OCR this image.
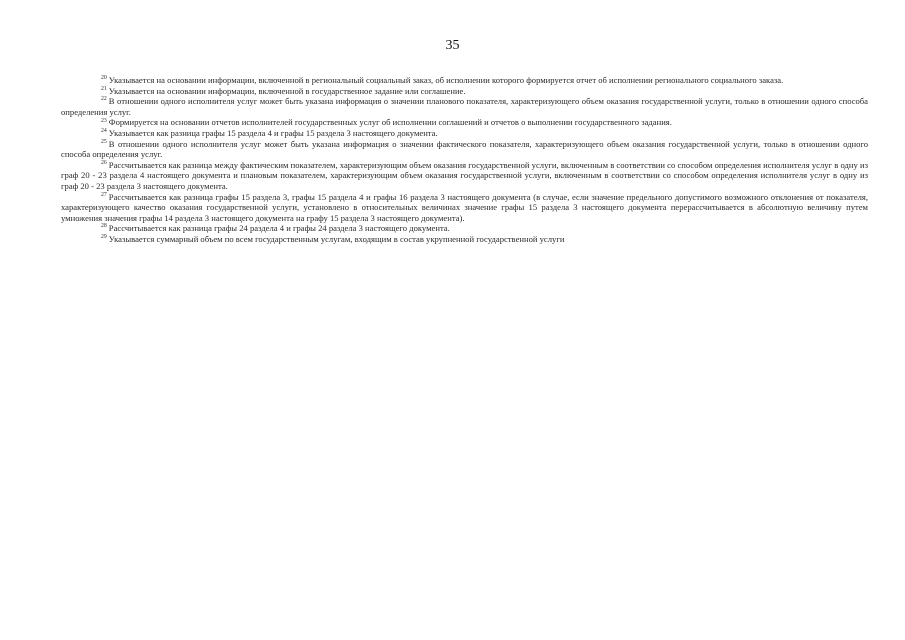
35

$^{20}$ Указывается на основании информации, включенной в региональный социальный заказ, об исполнении которого формируется отчет об исполнении регионального социального заказа.

$^{21}$ Указывается на основании информации, включенной в государственное задание или соглашение.

$^{22}$ В отношении одного исполнителя услуг может быть указана информация о значении планового показателя, характеризующего объем оказания государственной услуги, только в отношении одного способа определения услуг.

$^{23}$ Формируется на основании отчетов исполнителей государственных услуг об исполнении соглашений и отчетов о выполнении государственного задания.

$^{24}$ Указывается как разница графы 15 раздела 4 и графы 15 раздела 3 настоящего документа.

$^{25}$ В отношении одного исполнителя услуг может быть указана информация о значении фактического показателя, характеризующего объем оказания государственной услуги, только в отношении одного способа определения услуг.

$^{26}$ Рассчитывается как разница между фактическим показателем, характеризующим объем оказания государственной услуги, включенным в соответствии со способом определения исполнителя услуг в одну из граф 20 - 23 раздела 4 настоящего документа и плановым показателем, характеризующим объем оказания государственной услуги, включенным в соответствии со способом определения исполнителя услуг в одну из граф 20 - 23 раздела 3 настоящего документа.

$^{27}$ Рассчитывается как разница графы 15 раздела 3, графы 15 раздела 4 и графы 16 раздела 3 настоящего документа (в случае, если значение предельного допустимого возможного отклонения от показателя, характеризующего качество оказания государственной услуги, установлено в относительных величинах значение графы 15 раздела 3 настоящего документа перерассчитывается в абсолютную величину путем умножения значения графы 14 раздела 3 настоящего документа на графу 15 раздела 3 настоящего документа).

$^{28}$ Рассчитывается как разница графы 24 раздела 4 и графы 24 раздела 3 настоящего документа.

$^{29}$ Указывается суммарный объем по всем государственным услугам, входящим в состав укрупненной государственной услуги
